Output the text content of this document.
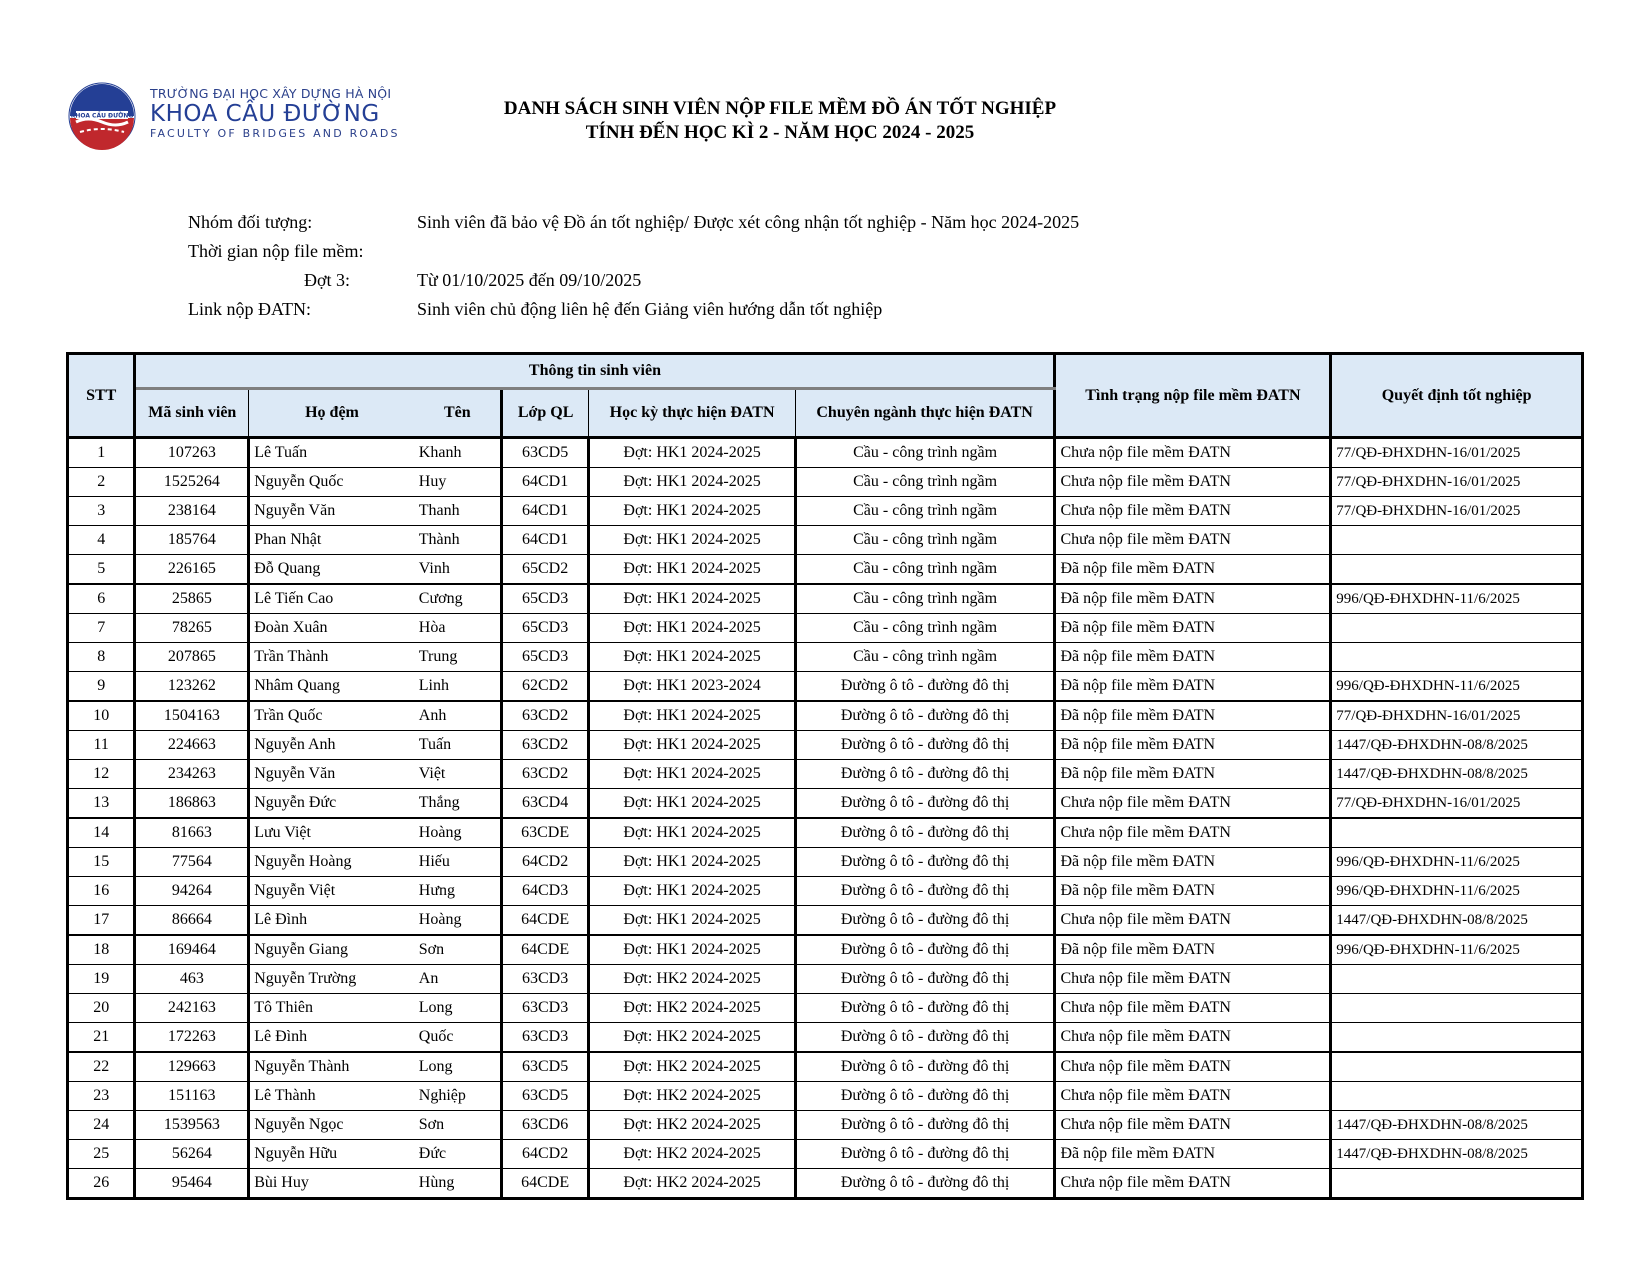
KHOA CẦU ĐƯỜNG
TRƯỜNG ĐẠI HỌC XÂY DỰNG HÀ NỘI
KHOA CẦU ĐƯỜNG
FACULTY OF BRIDGES AND ROADS
DANH SÁCH SINH VIÊN NỘP FILE MỀM ĐỒ ÁN TỐT NGHIỆP
TÍNH ĐẾN HỌC KÌ 2 - NĂM HỌC 2024 - 2025
Nhóm đối tượng:	Sinh viên đã bảo vệ Đồ án tốt nghiệp/ Được xét công nhận tốt nghiệp - Năm học 2024-2025
Thời gian nộp file mềm:
Đợt 3:	Từ 01/10/2025 đến 09/10/2025
Link nộp ĐATN:	Sinh viên chủ động liên hệ đến Giảng viên hướng dẫn tốt nghiệp
STT	Thông tin sinh viên						Tình trạng nộp file mềm ĐATN	Quyết định tốt nghiệp
	Mã sinh viên	Họ đệm	Tên	Lớp QL	Học kỳ thực hiện ĐATN	Chuyên ngành thực hiện ĐATN		
1	107263	Lê Tuấn	Khanh	63CD5	Đợt: HK1 2024-2025	Cầu - công trình ngầm	Chưa nộp file mềm ĐATN	77/QĐ-ĐHXDHN-16/01/2025
2	1525264	Nguyễn Quốc	Huy	64CD1	Đợt: HK1 2024-2025	Cầu - công trình ngầm	Chưa nộp file mềm ĐATN	77/QĐ-ĐHXDHN-16/01/2025
3	238164	Nguyễn Văn	Thanh	64CD1	Đợt: HK1 2024-2025	Cầu - công trình ngầm	Chưa nộp file mềm ĐATN	77/QĐ-ĐHXDHN-16/01/2025
4	185764	Phan Nhật	Thành	64CD1	Đợt: HK1 2024-2025	Cầu - công trình ngầm	Chưa nộp file mềm ĐATN	
5	226165	Đỗ Quang	Vinh	65CD2	Đợt: HK1 2024-2025	Cầu - công trình ngầm	Đã nộp file mềm ĐATN	
6	25865	Lê Tiến Cao	Cương	65CD3	Đợt: HK1 2024-2025	Cầu - công trình ngầm	Đã nộp file mềm ĐATN	996/QĐ-ĐHXDHN-11/6/2025
7	78265	Đoàn Xuân	Hòa	65CD3	Đợt: HK1 2024-2025	Cầu - công trình ngầm	Đã nộp file mềm ĐATN	
8	207865	Trần Thành	Trung	65CD3	Đợt: HK1 2024-2025	Cầu - công trình ngầm	Đã nộp file mềm ĐATN	
9	123262	Nhâm Quang	Linh	62CD2	Đợt: HK1 2023-2024	Đường ô tô - đường đô thị	Đã nộp file mềm ĐATN	996/QĐ-ĐHXDHN-11/6/2025
10	1504163	Trần Quốc	Anh	63CD2	Đợt: HK1 2024-2025	Đường ô tô - đường đô thị	Đã nộp file mềm ĐATN	77/QĐ-ĐHXDHN-16/01/2025
11	224663	Nguyễn Anh	Tuấn	63CD2	Đợt: HK1 2024-2025	Đường ô tô - đường đô thị	Đã nộp file mềm ĐATN	1447/QĐ-ĐHXDHN-08/8/2025
12	234263	Nguyễn Văn	Việt	63CD2	Đợt: HK1 2024-2025	Đường ô tô - đường đô thị	Đã nộp file mềm ĐATN	1447/QĐ-ĐHXDHN-08/8/2025
13	186863	Nguyễn Đức	Thắng	63CD4	Đợt: HK1 2024-2025	Đường ô tô - đường đô thị	Chưa nộp file mềm ĐATN	77/QĐ-ĐHXDHN-16/01/2025
14	81663	Lưu Việt	Hoàng	63CDE	Đợt: HK1 2024-2025	Đường ô tô - đường đô thị	Chưa nộp file mềm ĐATN	
15	77564	Nguyễn Hoàng	Hiếu	64CD2	Đợt: HK1 2024-2025	Đường ô tô - đường đô thị	Đã nộp file mềm ĐATN	996/QĐ-ĐHXDHN-11/6/2025
16	94264	Nguyễn Việt	Hưng	64CD3	Đợt: HK1 2024-2025	Đường ô tô - đường đô thị	Đã nộp file mềm ĐATN	996/QĐ-ĐHXDHN-11/6/2025
17	86664	Lê Đình	Hoàng	64CDE	Đợt: HK1 2024-2025	Đường ô tô - đường đô thị	Chưa nộp file mềm ĐATN	1447/QĐ-ĐHXDHN-08/8/2025
18	169464	Nguyễn Giang	Sơn	64CDE	Đợt: HK1 2024-2025	Đường ô tô - đường đô thị	Đã nộp file mềm ĐATN	996/QĐ-ĐHXDHN-11/6/2025
19	463	Nguyễn Trường	An	63CD3	Đợt: HK2 2024-2025	Đường ô tô - đường đô thị	Chưa nộp file mềm ĐATN	
20	242163	Tô Thiên	Long	63CD3	Đợt: HK2 2024-2025	Đường ô tô - đường đô thị	Chưa nộp file mềm ĐATN	
21	172263	Lê Đình	Quốc	63CD3	Đợt: HK2 2024-2025	Đường ô tô - đường đô thị	Chưa nộp file mềm ĐATN	
22	129663	Nguyễn Thành	Long	63CD5	Đợt: HK2 2024-2025	Đường ô tô - đường đô thị	Chưa nộp file mềm ĐATN	
23	151163	Lê Thành	Nghiệp	63CD5	Đợt: HK2 2024-2025	Đường ô tô - đường đô thị	Chưa nộp file mềm ĐATN	
24	1539563	Nguyễn Ngọc	Sơn	63CD6	Đợt: HK2 2024-2025	Đường ô tô - đường đô thị	Chưa nộp file mềm ĐATN	1447/QĐ-ĐHXDHN-08/8/2025
25	56264	Nguyễn Hữu	Đức	64CD2	Đợt: HK2 2024-2025	Đường ô tô - đường đô thị	Đã nộp file mềm ĐATN	1447/QĐ-ĐHXDHN-08/8/2025
26	95464	Bùi Huy	Hùng	64CDE	Đợt: HK2 2024-2025	Đường ô tô - đường đô thị	Chưa nộp file mềm ĐATN	
